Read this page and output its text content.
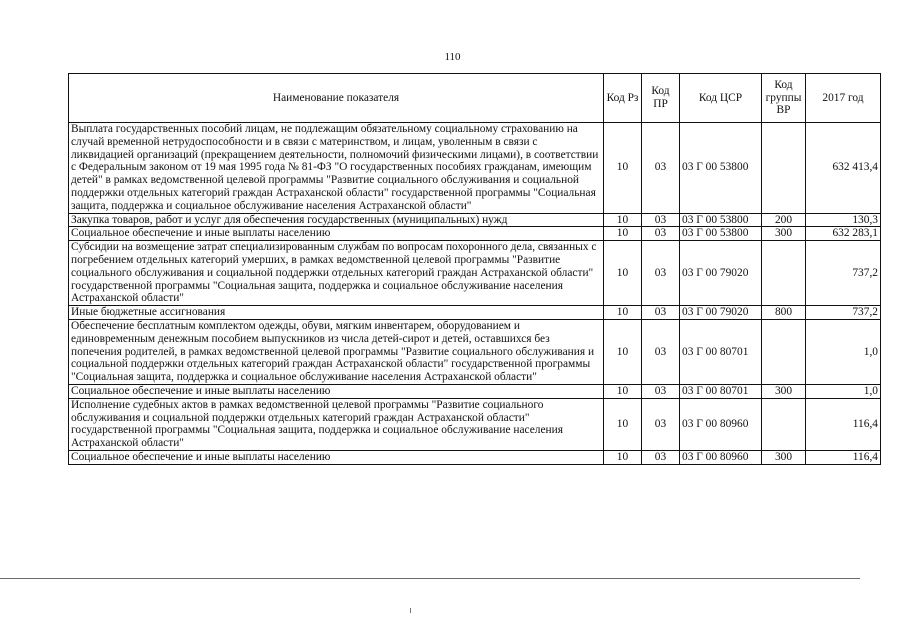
110
Наименование показателя	Код Рз	Код ПР	Код ЦСР	Код группы ВР	2017 год
Выплата государственных пособий лицам, не подлежащим обязательному социальному страхованию на случай временной нетрудоспособности и в связи с материнством, и лицам, уволенным в связи с ликвидацией организаций (прекращением деятельности, полномочий физическими лицами), в соответствии с Федеральным законом от 19 мая 1995 года № 81-ФЗ "О государственных пособиях гражданам, имеющим детей" в рамках ведомственной целевой программы "Развитие социального обслуживания и социальной поддержки отдельных категорий граждан Астраханской области" государственной программы "Социальная защита, поддержка и социальное обслуживание населения Астраханской области"	10	03	03 Г 00 53800		632 413,4
Закупка товаров, работ и услуг для обеспечения государственных (муниципальных) нужд	10	03	03 Г 00 53800	200	130,3
Социальное обеспечение и иные выплаты населению	10	03	03 Г 00 53800	300	632 283,1
Субсидии на возмещение затрат специализированным службам по вопросам похоронного дела, связанных с погребением отдельных категорий умерших, в рамках ведомственной целевой программы "Развитие социального обслуживания и социальной поддержки отдельных категорий граждан Астраханской области" государственной программы "Социальная защита, поддержка и социальное обслуживание населения Астраханской области"	10	03	03 Г 00 79020		737,2
Иные бюджетные ассигнования	10	03	03 Г 00 79020	800	737,2
Обеспечение бесплатным комплектом одежды, обуви, мягким инвентарем, оборудованием и единовременным денежным пособием выпускников из числа детей-сирот и детей, оставшихся без попечения родителей, в рамках ведомственной целевой программы "Развитие социального обслуживания и социальной поддержки отдельных категорий граждан Астраханской области" государственной программы "Социальная защита, поддержка и социальное обслуживание населения Астраханской области"	10	03	03 Г 00 80701		1,0
Социальное обеспечение и иные выплаты населению	10	03	03 Г 00 80701	300	1,0
Исполнение судебных актов в рамках ведомственной целевой программы "Развитие социального обслуживания и социальной поддержки отдельных категорий граждан Астраханской области" государственной программы "Социальная защита, поддержка и социальное обслуживание населения Астраханской области"	10	03	03 Г 00 80960		116,4
Социальное обеспечение и иные выплаты населению	10	03	03 Г 00 80960	300	116,4
